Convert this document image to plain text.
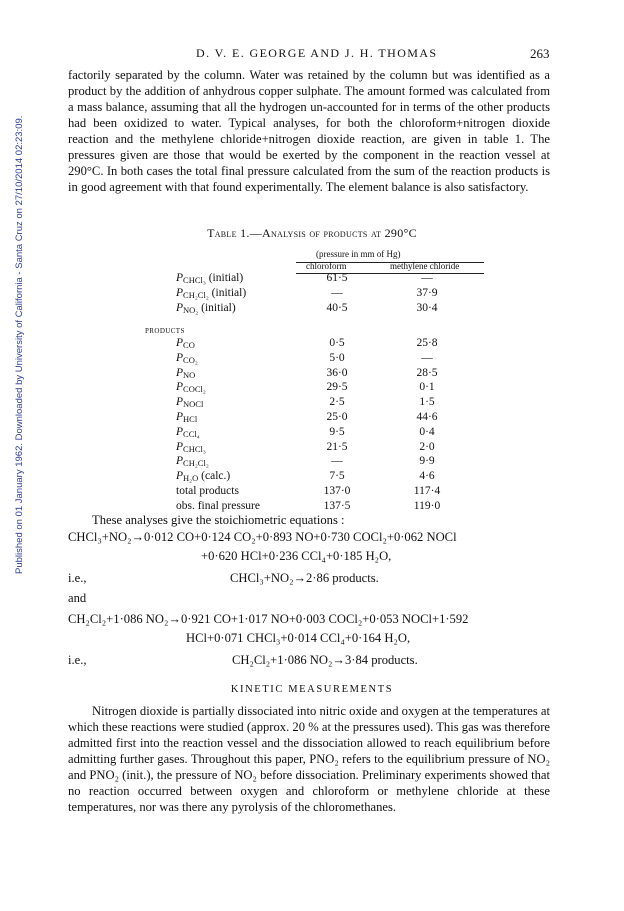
Published on 01 January 1962. Downloaded by University of California - Santa Cruz on 27/10/2014 02:23:09.
D. V. E. GEORGE AND J. H. THOMAS	263

factorily separated by the column. Water was retained by the column but was identified as a product by the addition of anhydrous copper sulphate. The amount formed was calculated from a mass balance, assuming that all the hydrogen un-accounted for in terms of the other products had been oxidized to water. Typical analyses, for both the chloroform+nitrogen dioxide reaction and the methylene chloride+nitrogen dioxide reaction, are given in table 1. The pressures given are those that would be exerted by the component in the reaction vessel at 290°C. In both cases the total final pressure calculated from the sum of the reaction products is in good agreement with that found experimentally. The element balance is also satisfactory.

Table 1.—Analysis of products at 290°C
(pressure in mm of Hg)
chloroform	methylene chloride
$P_{CHCl_3}$ (initial)	61·5	—
$P_{CH_2Cl_2}$ (initial)	—	37·9
$P_{NO_2}$ (initial)	40·5	30·4
products
$P_{CO}$	0·5	25·8
$P_{CO_2}$	5·0	—
$P_{NO}$	36·0	28·5
$P_{COCl_2}$	29·5	0·1
$P_{NOCl}$	2·5	1·5
$P_{HCl}$	25·0	44·6
$P_{CCl_4}$	9·5	0·4
$P_{CHCl_3}$	21·5	2·0
$P_{CH_2Cl_2}$	—	9·9
$P_{H_2O}$ (calc.)	7·5	4·6
total products	137·0	117·4
obs. final pressure	137·5	119·0

These analyses give the stoichiometric equations :

CHCl₃+NO₂→0·012 CO+0·124 CO₂+0·893 NO+0·730 COCl₂+0·062 NOCl
+0·620 HCl+0·236 CCl₄+0·185 H₂O,
i.e.,	CHCl₃+NO₂→2·86 products.
and
CH₂Cl₂+1·086 NO₂→0·921 CO+1·017 NO+0·003 COCl₂+0·053 NOCl+1·592
HCl+0·071 CHCl₃+0·014 CCl₄+0·164 H₂O,
i.e.,	CH₂Cl₂+1·086 NO₂→3·84 products.
KINETIC MEASUREMENTS

Nitrogen dioxide is partially dissociated into nitric oxide and oxygen at the temperatures at which these reactions were studied (approx. 20 % at the pressures used). This gas was therefore admitted first into the reaction vessel and the dissociation allowed to reach equilibrium before admitting further gases. Throughout this paper, PNO₂ refers to the equilibrium pressure of NO₂ and PNO₂ (init.), the pressure of NO₂ before dissociation. Preliminary experiments showed that no reaction occurred between oxygen and chloroform or methylene chloride at these temperatures, nor was there any pyrolysis of the chloromethanes.
